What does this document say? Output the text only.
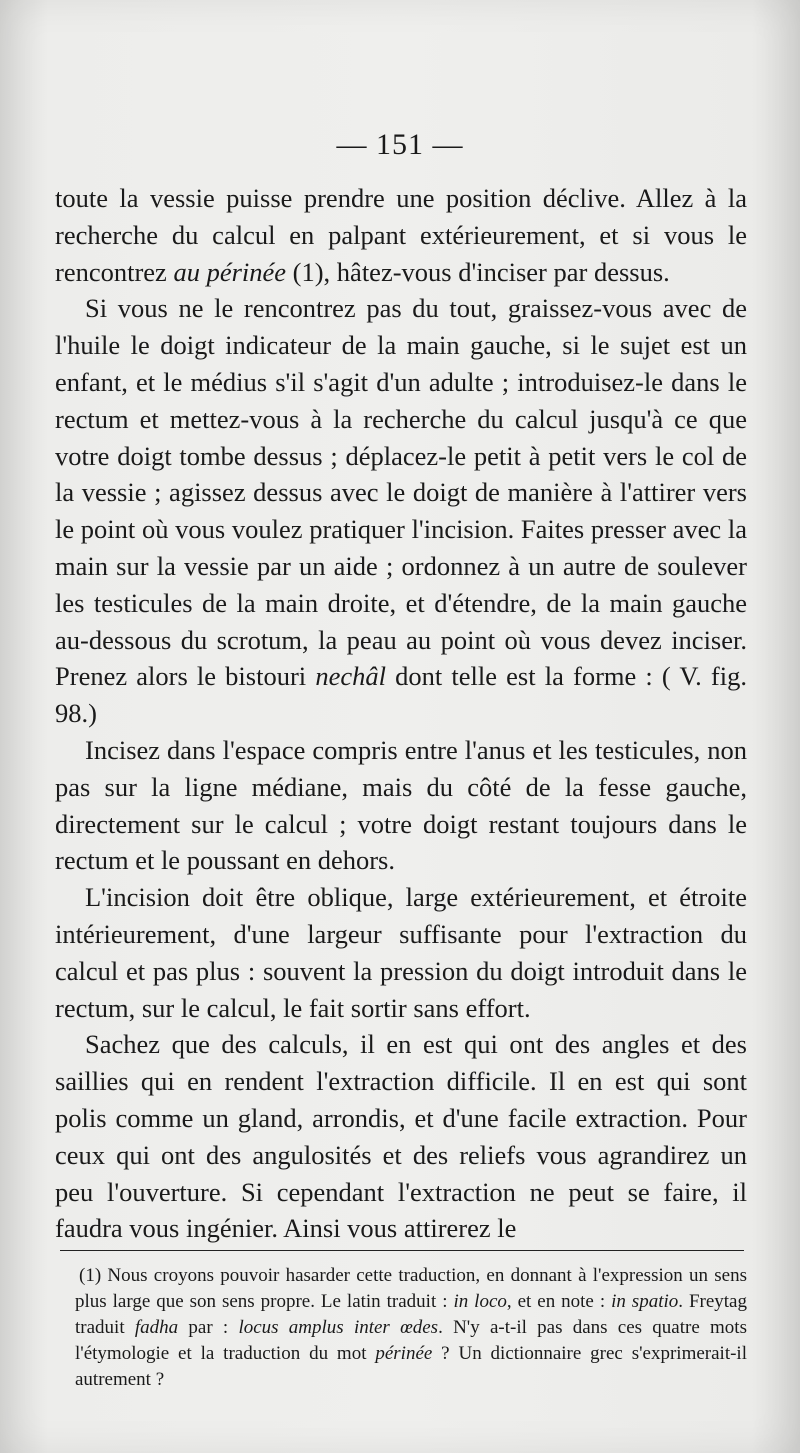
— 151 —

toute la vessie puisse prendre une position déclive. Allez à la recherche du calcul en palpant extérieurement, et si vous le rencontrez au périnée (1), hâtez-vous d'inciser par dessus.

Si vous ne le rencontrez pas du tout, graissez-vous avec de l'huile le doigt indicateur de la main gauche, si le sujet est un enfant, et le médius s'il s'agit d'un adulte ; introduisez-le dans le rectum et mettez-vous à la recherche du calcul jusqu'à ce que votre doigt tombe dessus ; déplacez-le petit à petit vers le col de la vessie ; agissez dessus avec le doigt de manière à l'attirer vers le point où vous voulez pratiquer l'incision. Faites presser avec la main sur la vessie par un aide ; ordonnez à un autre de soulever les testicules de la main droite, et d'étendre, de la main gauche au-dessous du scrotum, la peau au point où vous devez inciser. Prenez alors le bistouri nechâl dont telle est la forme : ( V. fig. 98.)

Incisez dans l'espace compris entre l'anus et les testicules, non pas sur la ligne médiane, mais du côté de la fesse gauche, directement sur le calcul ; votre doigt restant toujours dans le rectum et le poussant en dehors.

L'incision doit être oblique, large extérieurement, et étroite intérieurement, d'une largeur suffisante pour l'extraction du calcul et pas plus : souvent la pression du doigt introduit dans le rectum, sur le calcul, le fait sortir sans effort.

Sachez que des calculs, il en est qui ont des angles et des saillies qui en rendent l'extraction difficile. Il en est qui sont polis comme un gland, arrondis, et d'une facile extraction. Pour ceux qui ont des angulosités et des reliefs vous agrandirez un peu l'ouverture. Si cependant l'extraction ne peut se faire, il faudra vous ingénier. Ainsi vous attirerez le

(1) Nous croyons pouvoir hasarder cette traduction, en donnant à l'expression un sens plus large que son sens propre. Le latin traduit : in loco, et en note : in spatio. Freytag traduit fadha par : locus amplus inter œdes. N'y a-t-il pas dans ces quatre mots l'étymologie et la traduction du mot périnée ? Un dictionnaire grec s'exprimerait-il autrement ?
